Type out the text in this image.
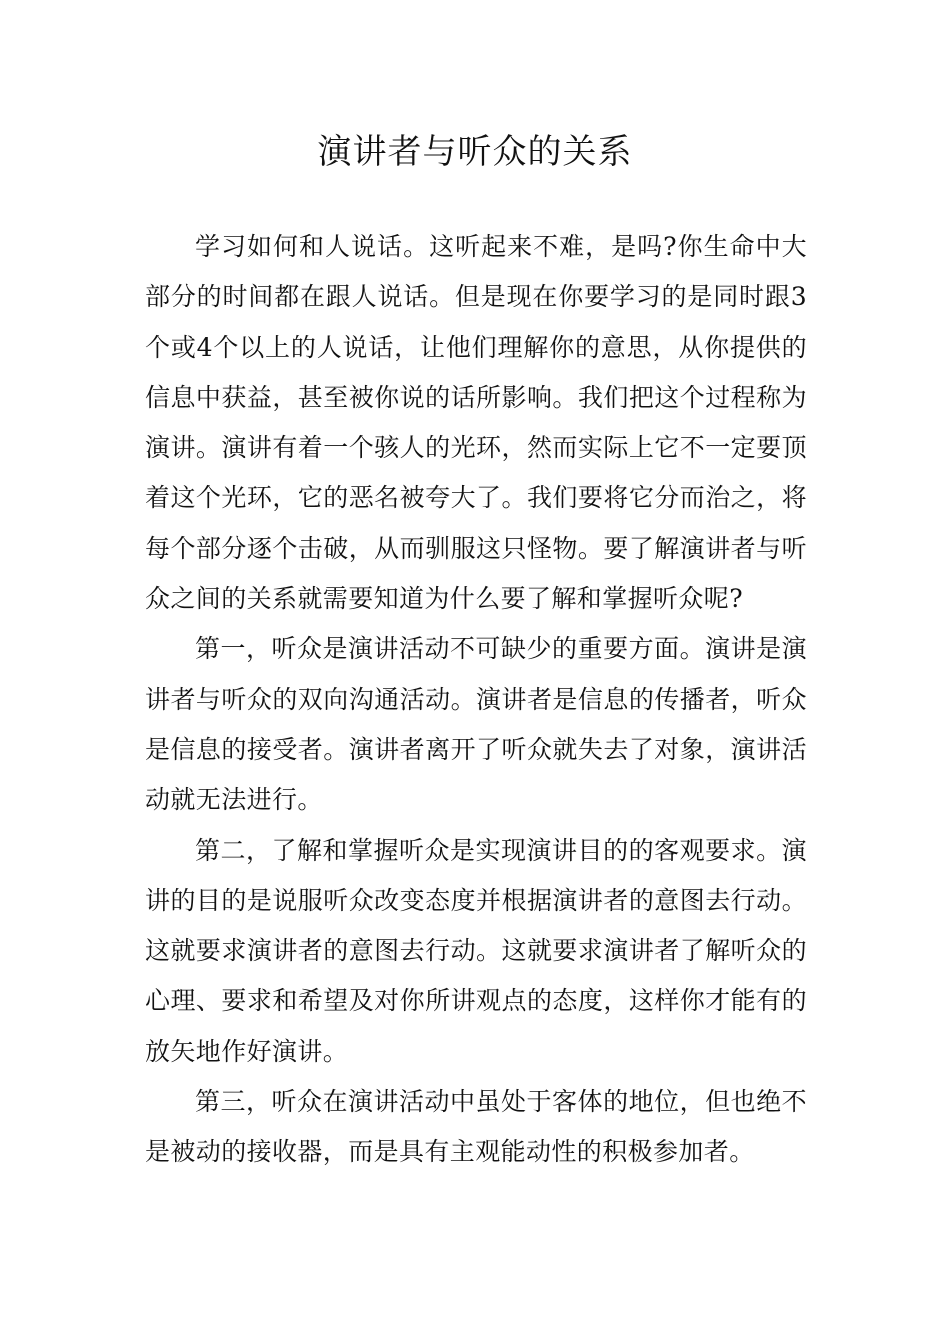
演讲者与听众的关系

学习如何和人说话。这听起来不难，是吗?你生命中大部分的时间都在跟人说话。但是现在你要学习的是同时跟3个或4个以上的人说话，让他们理解你的意思，从你提供的信息中获益，甚至被你说的话所影响。我们把这个过程称为演讲。演讲有着一个骇人的光环，然而实际上它不一定要顶着这个光环，它的恶名被夸大了。我们要将它分而治之，将每个部分逐个击破，从而驯服这只怪物。要了解演讲者与听众之间的关系就需要知道为什么要了解和掌握听众呢?

第一，听众是演讲活动不可缺少的重要方面。演讲是演讲者与听众的双向沟通活动。演讲者是信息的传播者，听众是信息的接受者。演讲者离开了听众就失去了对象，演讲活动就无法进行。

第二，了解和掌握听众是实现演讲目的的客观要求。演讲的目的是说服听众改变态度并根据演讲者的意图去行动。这就要求演讲者的意图去行动。这就要求演讲者了解听众的心理、要求和希望及对你所讲观点的态度，这样你才能有的放矢地作好演讲。

第三，听众在演讲活动中虽处于客体的地位，但也绝不是被动的接收器，而是具有主观能动性的积极参加者。
